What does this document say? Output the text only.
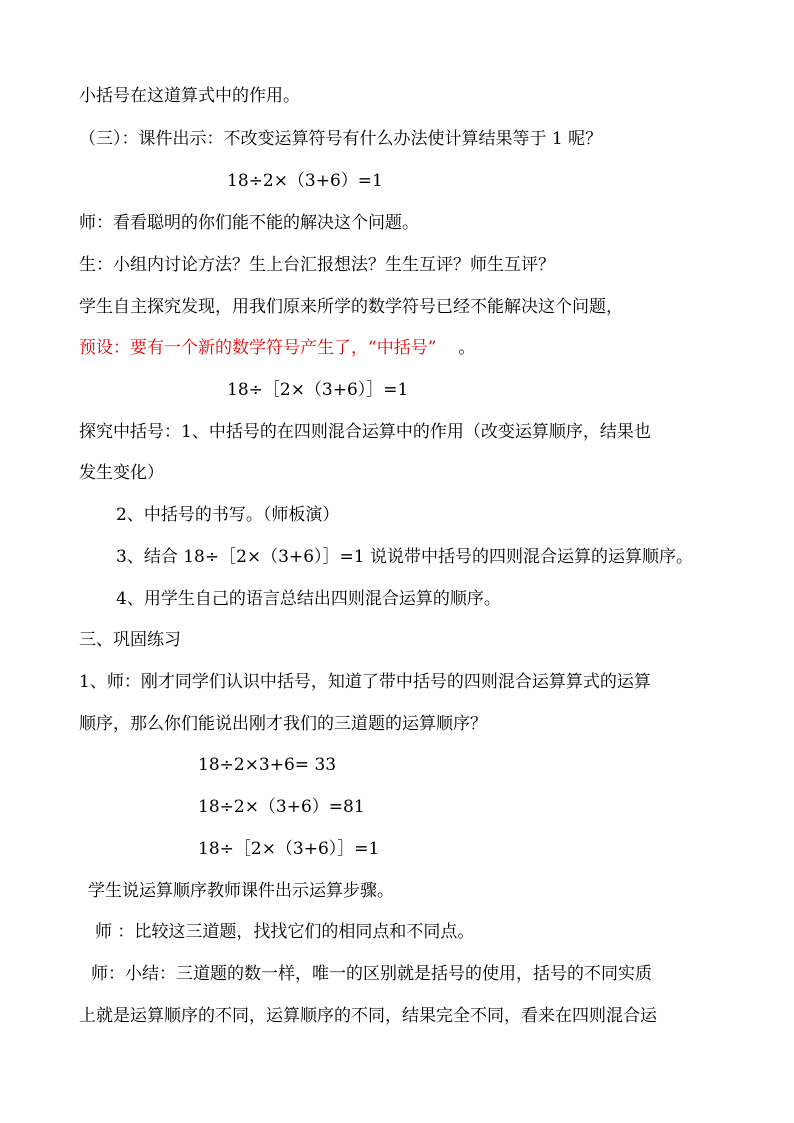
小括号在这道算式中的作用。
（三）：课件出示：不改变运算符号有什么办法使计算结果等于 1 呢？
18÷2×（3+6）=1
师：看看聪明的你们能不能的解决这个问题。
生：小组内讨论方法？生上台汇报想法？生生互评？师生互评？
学生自主探究发现，用我们原来所学的数学符号已经不能解决这个问题，
预设：要有一个新的数学符号产生了，“中括号” 。
18÷［2×（3+6）］=1
探究中括号：1、中括号的在四则混合运算中的作用（改变运算顺序，结果也
发生变化）
2、中括号的书写。（师板演）
3、结合 18÷［2×（3+6）］=1 说说带中括号的四则混合运算的运算顺序。
4、用学生自己的语言总结出四则混合运算的顺序。
三、巩固练习
1、师：刚才同学们认识中括号，知道了带中括号的四则混合运算算式的运算
顺序，那么你们能说出刚才我们的三道题的运算顺序？
18÷2×3+6= 33
18÷2×（3+6）=81
18÷［2×（3+6）］=1
学生说运算顺序教师课件出示运算步骤。
师 ：比较这三道题，找找它们的相同点和不同点。
师：小结：三道题的数一样，唯一的区别就是括号的使用，括号的不同实质
上就是运算顺序的不同，运算顺序的不同，结果完全不同，看来在四则混合运
